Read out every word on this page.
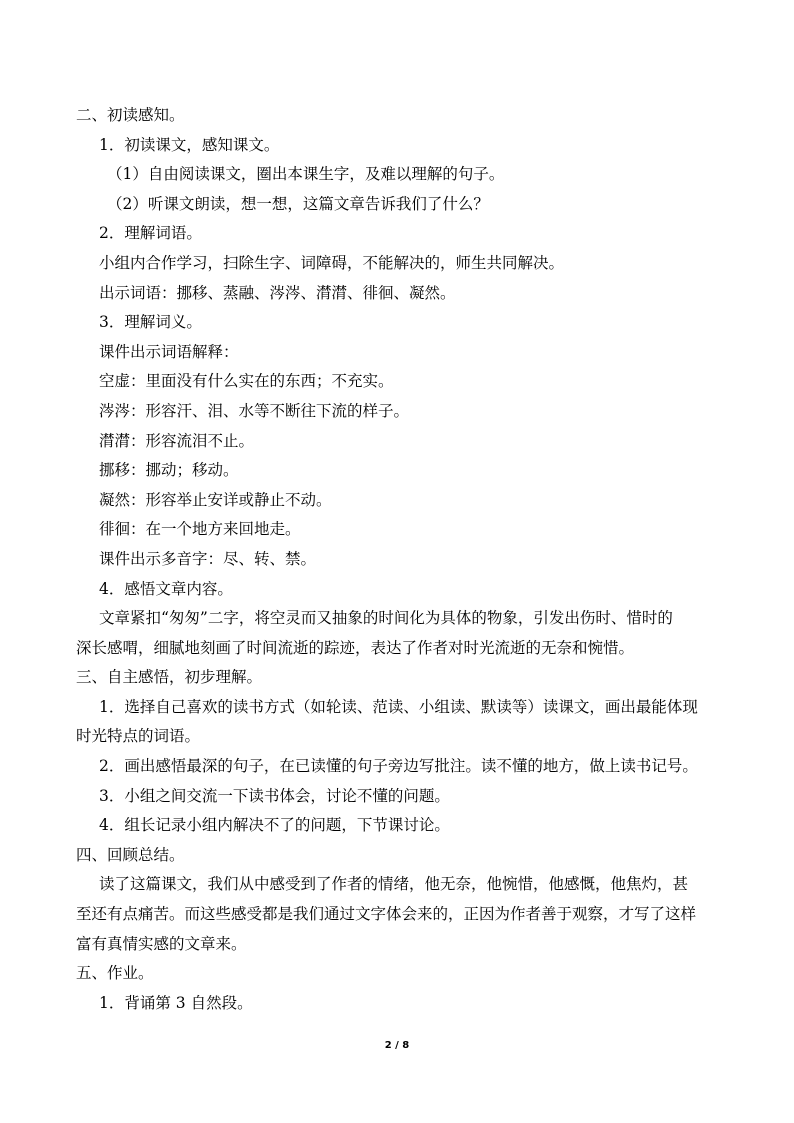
二、初读感知。
1．初读课文，感知课文。
（1）自由阅读课文，圈出本课生字，及难以理解的句子。
（2）听课文朗读，想一想，这篇文章告诉我们了什么？
2．理解词语。
小组内合作学习，扫除生字、词障碍，不能解决的，师生共同解决。
出示词语：挪移、蒸融、涔涔、潸潸、徘徊、凝然。
3．理解词义。
课件出示词语解释：
空虚：里面没有什么实在的东西；不充实。
涔涔：形容汗、泪、水等不断往下流的样子。
潸潸：形容流泪不止。
挪移：挪动；移动。
凝然：形容举止安详或静止不动。
徘徊：在一个地方来回地走。
课件出示多音字：尽、转、禁。
4．感悟文章内容。
文章紧扣“匆匆”二字，将空灵而又抽象的时间化为具体的物象，引发出伤时、惜时的
深长感喟，细腻地刻画了时间流逝的踪迹，表达了作者对时光流逝的无奈和惋惜。
三、自主感悟，初步理解。
1．选择自己喜欢的读书方式（如轮读、范读、小组读、默读等）读课文，画出最能体现
时光特点的词语。
2．画出感悟最深的句子，在已读懂的句子旁边写批注。读不懂的地方，做上读书记号。
3．小组之间交流一下读书体会，讨论不懂的问题。
4．组长记录小组内解决不了的问题，下节课讨论。
四、回顾总结。
读了这篇课文，我们从中感受到了作者的情绪，他无奈，他惋惜，他感慨，他焦灼，甚
至还有点痛苦。而这些感受都是我们通过文字体会来的，正因为作者善于观察，才写了这样
富有真情实感的文章来。
五、作业。
1．背诵第 3 自然段。
2 / 8
